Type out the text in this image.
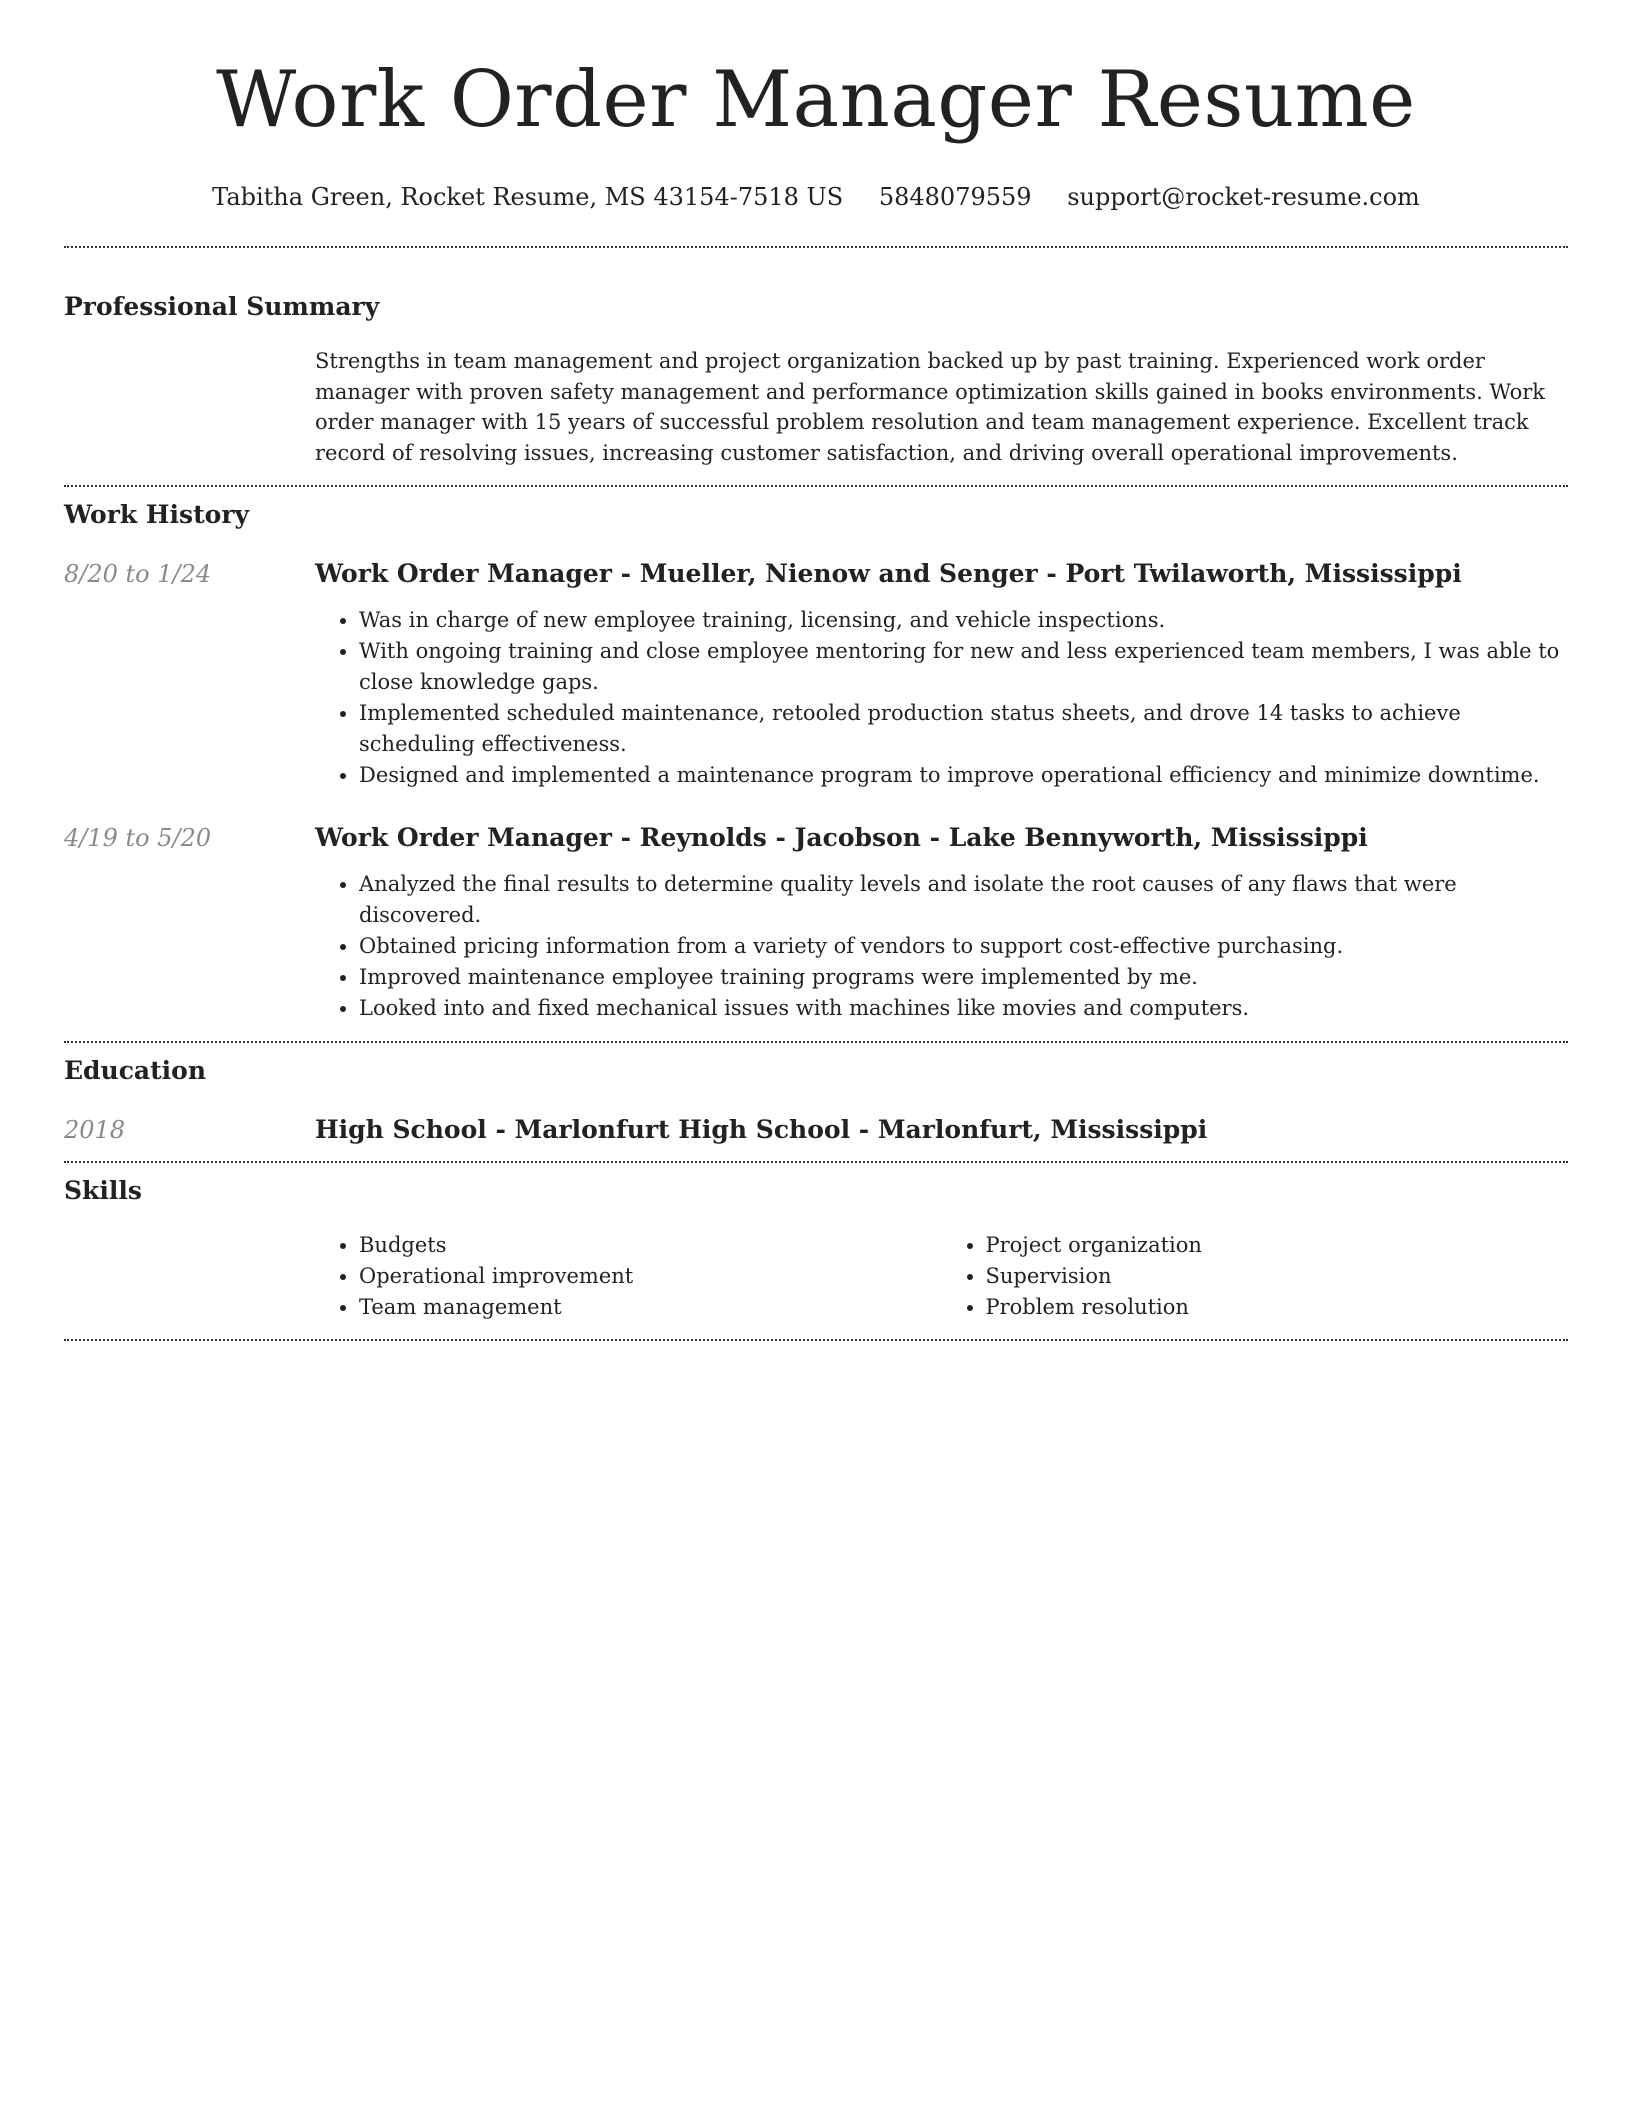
Work Order Manager Resume
Tabitha Green, Rocket Resume, MS 43154-7518 US 5848079559 support@rocket-resume.com
Professional Summary

Strengths in team management and project organization backed up by past training. Experienced work order manager with proven safety management and performance optimization skills gained in books environments. Work order manager with 15 years of successful problem resolution and team management experience. Excellent track record of resolving issues, increasing customer satisfaction, and driving overall operational improvements.

Work History
8/20 to 1/24	Work Order Manager - Mueller, Nienow and Senger - Port Twilaworth, Mississippi
• Was in charge of new employee training, licensing, and vehicle inspections.
• With ongoing training and close employee mentoring for new and less experienced team members, I was able to close knowledge gaps.
• Implemented scheduled maintenance, retooled production status sheets, and drove 14 tasks to achieve scheduling effectiveness.
• Designed and implemented a maintenance program to improve operational efficiency and minimize downtime.
4/19 to 5/20	Work Order Manager - Reynolds - Jacobson - Lake Bennyworth, Mississippi
• Analyzed the final results to determine quality levels and isolate the root causes of any flaws that were discovered.
• Obtained pricing information from a variety of vendors to support cost-effective purchasing.
• Improved maintenance employee training programs were implemented by me.
• Looked into and fixed mechanical issues with machines like movies and computers.
Education
2018	High School - Marlonfurt High School - Marlonfurt, Mississippi
Skills
• Budgets
• Operational improvement
• Team management
• Project organization
• Supervision
• Problem resolution
